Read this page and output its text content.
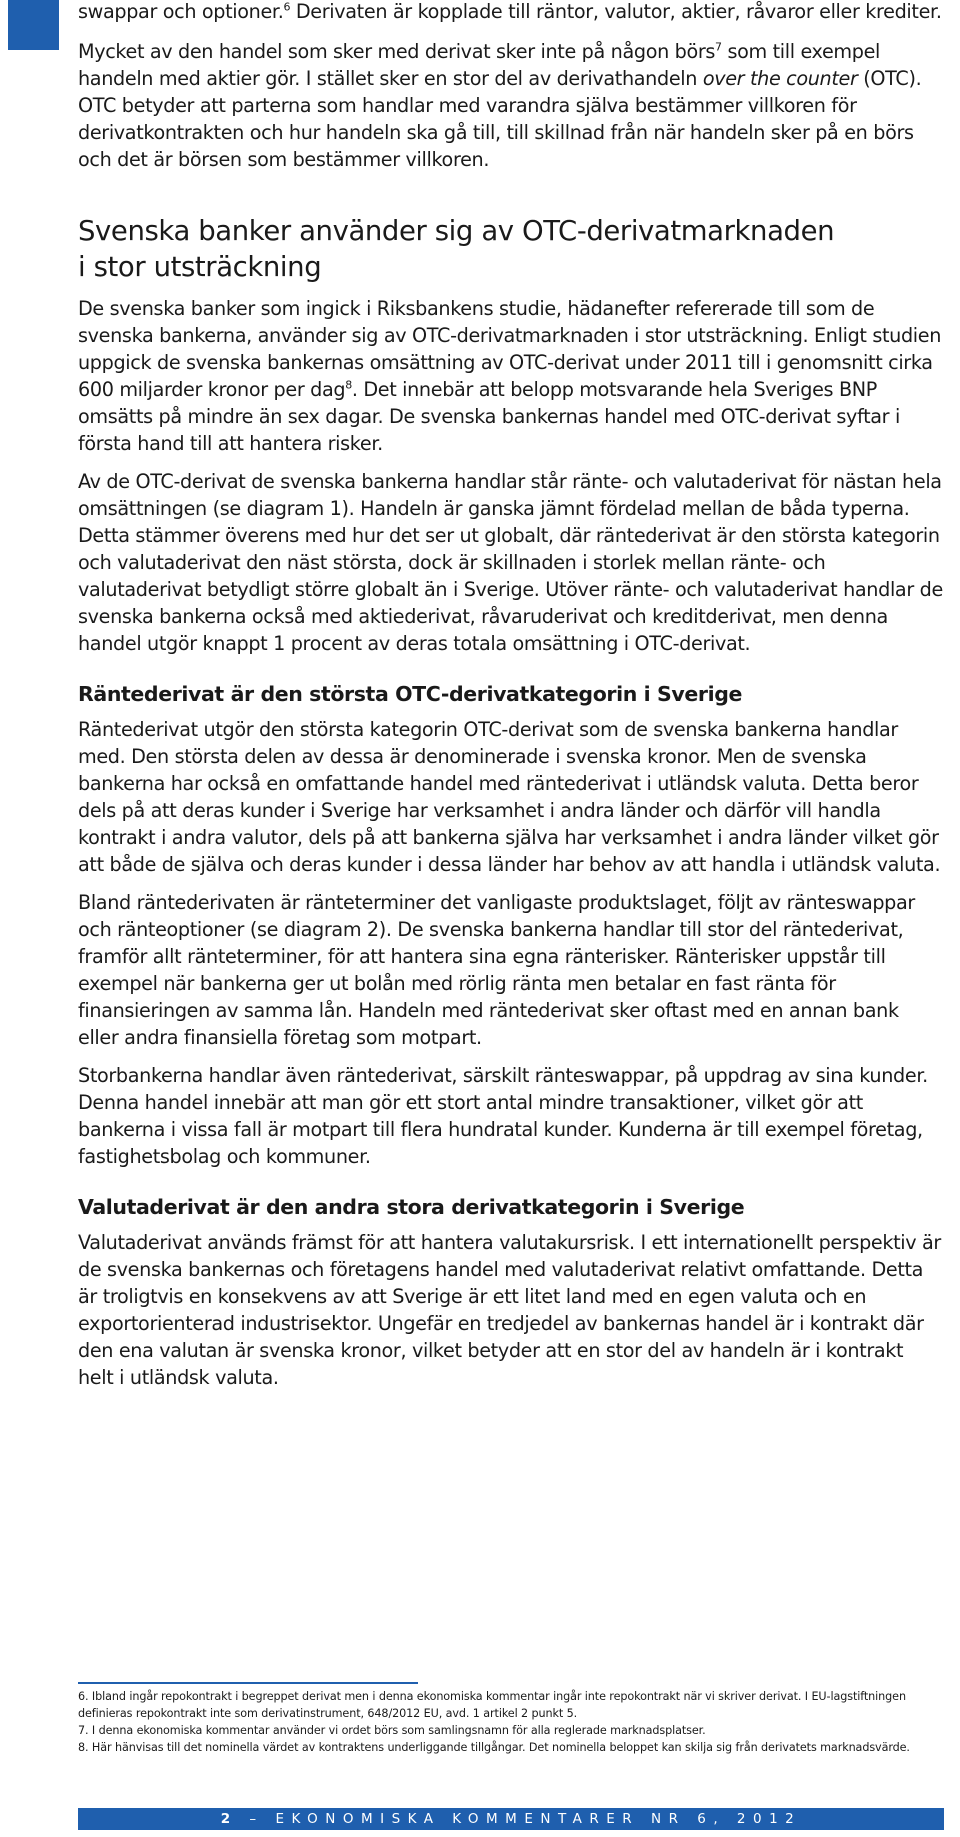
swappar och optioner.$^6$ Derivaten är kopplade till räntor, valutor, aktier, råvaror eller krediter.

Mycket av den handel som sker med derivat sker inte på någon börs$^7$ som till exempel handeln med aktier gör. I stället sker en stor del av derivathandeln over the counter (OTC). OTC betyder att parterna som handlar med varandra själva bestämmer villkoren för derivatkontrakten och hur handeln ska gå till, till skillnad från när handeln sker på en börs och det är börsen som bestämmer villkoren.

Svenska banker använder sig av OTC-derivatmarknaden
i stor utsträckning

De svenska banker som ingick i Riksbankens studie, hädanefter refererade till som de svenska bankerna, använder sig av OTC-derivatmarknaden i stor utsträckning. Enligt studien uppgick de svenska bankernas omsättning av OTC-derivat under 2011 till i genomsnitt cirka 600 miljarder kronor per dag$^8$. Det innebär att belopp motsvarande hela Sveriges BNP omsätts på mindre än sex dagar. De svenska bankernas handel med OTC-derivat syftar i första hand till att hantera risker.

Av de OTC-derivat de svenska bankerna handlar står ränte- och valutaderivat för nästan hela omsättningen (se diagram 1). Handeln är ganska jämnt fördelad mellan de båda typerna. Detta stämmer överens med hur det ser ut globalt, där räntederivat är den största kategorin och valutaderivat den näst största, dock är skillnaden i storlek mellan ränte- och valutaderivat betydligt större globalt än i Sverige. Utöver ränte- och valutaderivat handlar de svenska bankerna också med aktiederivat, råvaruderivat och kreditderivat, men denna handel utgör knappt 1 procent av deras totala omsättning i OTC-derivat.

Räntederivat är den största OTC-derivatkategorin i Sverige

Räntederivat utgör den största kategorin OTC-derivat som de svenska bankerna handlar med. Den största delen av dessa är denominerade i svenska kronor. Men de svenska bankerna har också en omfattande handel med räntederivat i utländsk valuta. Detta beror dels på att deras kunder i Sverige har verksamhet i andra länder och därför vill handla kontrakt i andra valutor, dels på att bankerna själva har verksamhet i andra länder vilket gör att både de själva och deras kunder i dessa länder har behov av att handla i utländsk valuta.

Bland räntederivaten är ränteterminer det vanligaste produktslaget, följt av ränteswappar och ränteoptioner (se diagram 2). De svenska bankerna handlar till stor del räntederivat, framför allt ränteterminer, för att hantera sina egna ränterisker. Ränterisker uppstår till exempel när bankerna ger ut bolån med rörlig ränta men betalar en fast ränta för finansieringen av samma lån. Handeln med räntederivat sker oftast med en annan bank eller andra finansiella företag som motpart.

Storbankerna handlar även räntederivat, särskilt ränteswappar, på uppdrag av sina kunder. Denna handel innebär att man gör ett stort antal mindre transaktioner, vilket gör att bankerna i vissa fall är motpart till flera hundratal kunder. Kunderna är till exempel företag, fastighetsbolag och kommuner.

Valutaderivat är den andra stora derivatkategorin i Sverige

Valutaderivat används främst för att hantera valutakursrisk. I ett internationellt perspektiv är de svenska bankernas och företagens handel med valutaderivat relativt omfattande. Detta är troligtvis en konsekvens av att Sverige är ett litet land med en egen valuta och en exportorienterad industrisektor. Ungefär en tredjedel av bankernas handel är i kontrakt där den ena valutan är svenska kronor, vilket betyder att en stor del av handeln är i kontrakt helt i utländsk valuta.

6. Ibland ingår repokontrakt i begreppet derivat men i denna ekonomiska kommentar ingår inte repokontrakt när vi skriver derivat. I EU-lagstiftningen definieras repokontrakt inte som derivatinstrument, 648/2012 EU, avd. 1 artikel 2 punkt 5.

7. I denna ekonomiska kommentar använder vi ordet börs som samlingsnamn för alla reglerade marknadsplatser.

8. Här hänvisas till det nominella värdet av kontraktens underliggande tillgångar. Det nominella beloppet kan skilja sig från derivatets marknadsvärde.

2 – EKONOMISKA KOMMENTARER NR 6, 2012
